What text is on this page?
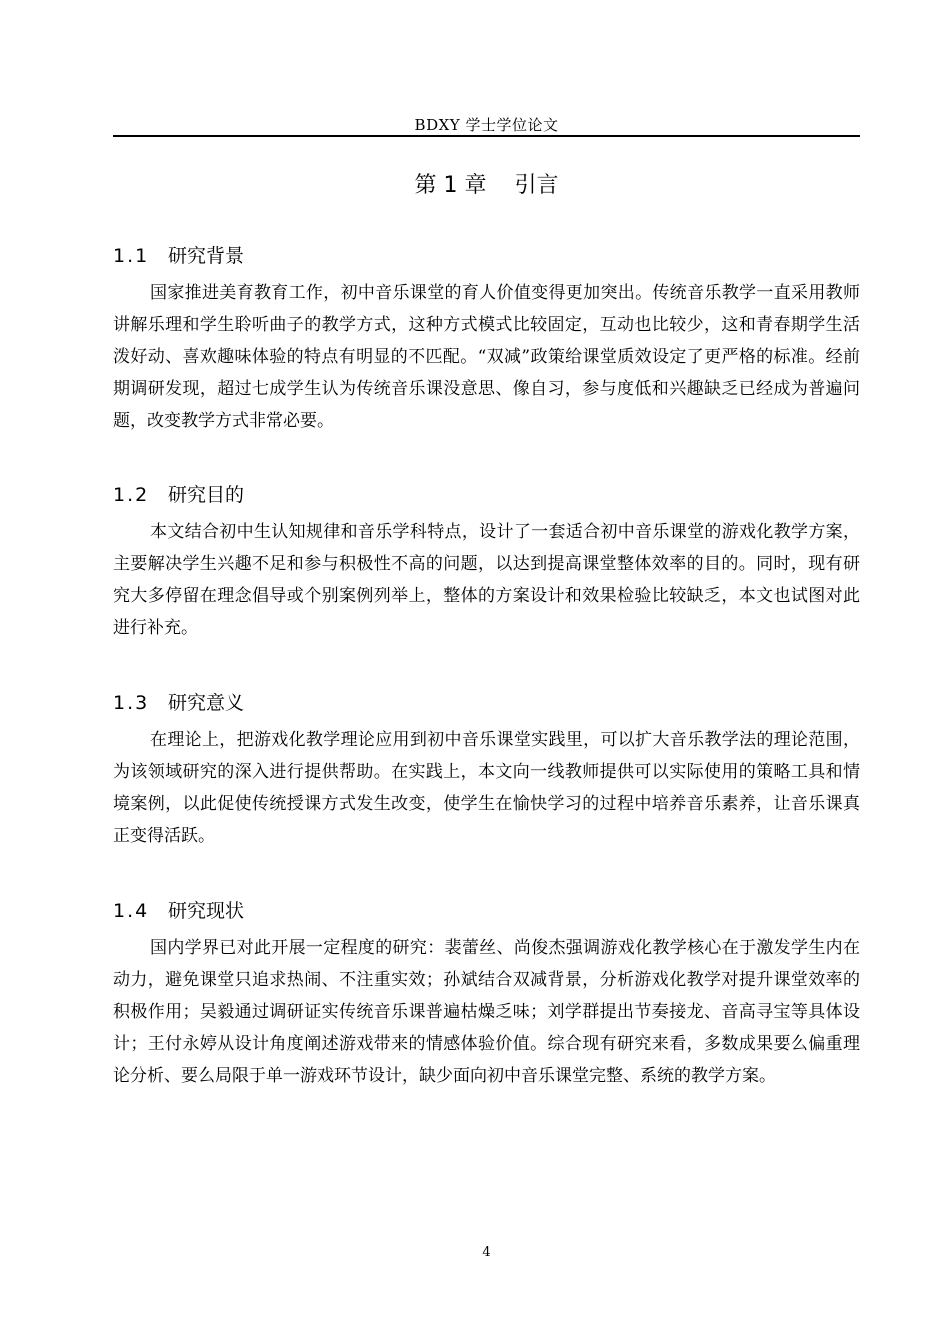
BDXY 学士学位论文
第 1 章    引言
1.1 研究背景

国家推进美育教育工作，初中音乐课堂的育人价值变得更加突出。传统音乐教学一直采用教师讲解乐理和学生聆听曲子的教学方式，这种方式模式比较固定，互动也比较少，这和青春期学生活泼好动、喜欢趣味体验的特点有明显的不匹配。“双减”政策给课堂质效设定了更严格的标准。经前期调研发现，超过七成学生认为传统音乐课没意思、像自习，参与度低和兴趣缺乏已经成为普遍问题，改变教学方式非常必要。

1.2 研究目的

本文结合初中生认知规律和音乐学科特点，设计了一套适合初中音乐课堂的游戏化教学方案，主要解决学生兴趣不足和参与积极性不高的问题，以达到提高课堂整体效率的目的。同时，现有研究大多停留在理念倡导或个别案例列举上，整体的方案设计和效果检验比较缺乏，本文也试图对此进行补充。

1.3 研究意义

在理论上，把游戏化教学理论应用到初中音乐课堂实践里，可以扩大音乐教学法的理论范围，为该领域研究的深入进行提供帮助。在实践上，本文向一线教师提供可以实际使用的策略工具和情境案例，以此促使传统授课方式发生改变，使学生在愉快学习的过程中培养音乐素养，让音乐课真正变得活跃。

1.4 研究现状

国内学界已对此开展一定程度的研究：裴蕾丝、尚俊杰强调游戏化教学核心在于激发学生内在动力，避免课堂只追求热闹、不注重实效；孙斌结合双减背景，分析游戏化教学对提升课堂效率的积极作用；吴毅通过调研证实传统音乐课普遍枯燥乏味；刘学群提出节奏接龙、音高寻宝等具体设计；王付永婷从设计角度阐述游戏带来的情感体验价值。综合现有研究来看，多数成果要么偏重理论分析、要么局限于单一游戏环节设计，缺少面向初中音乐课堂完整、系统的教学方案。

4
